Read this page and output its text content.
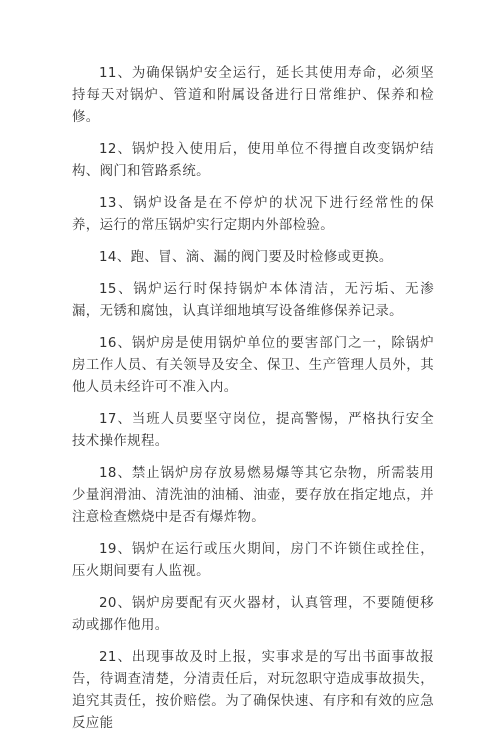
11、为确保锅炉安全运行，延长其使用寿命，必须坚持每天对锅炉、管道和附属设备进行日常维护、保养和检修。

12、锅炉投入使用后，使用单位不得擅自改变锅炉结构、阀门和管路系统。

13、锅炉设备是在不停炉的状况下进行经常性的保养，运行的常压锅炉实行定期内外部检验。

14、跑、冒、滴、漏的阀门要及时检修或更换。

15、锅炉运行时保持锅炉本体清洁，无污垢、无渗漏，无锈和腐蚀，认真详细地填写设备维修保养记录。

16、锅炉房是使用锅炉单位的要害部门之一，除锅炉房工作人员、有关领导及安全、保卫、生产管理人员外，其他人员未经许可不准入内。

17、当班人员要坚守岗位，提高警惕，严格执行安全技术操作规程。

18、禁止锅炉房存放易燃易爆等其它杂物，所需装用少量润滑油、清洗油的油桶、油壶，要存放在指定地点，并注意检查燃烧中是否有爆炸物。

19、锅炉在运行或压火期间，房门不许锁住或拴住，压火期间要有人监视。

20、锅炉房要配有灭火器材，认真管理，不要随便移动或挪作他用。

21、出现事故及时上报，实事求是的写出书面事故报告，待调查清楚，分清责任后，对玩忽职守造成事故损失，追究其责任，按价赔偿。为了确保快速、有序和有效的应急反应能
